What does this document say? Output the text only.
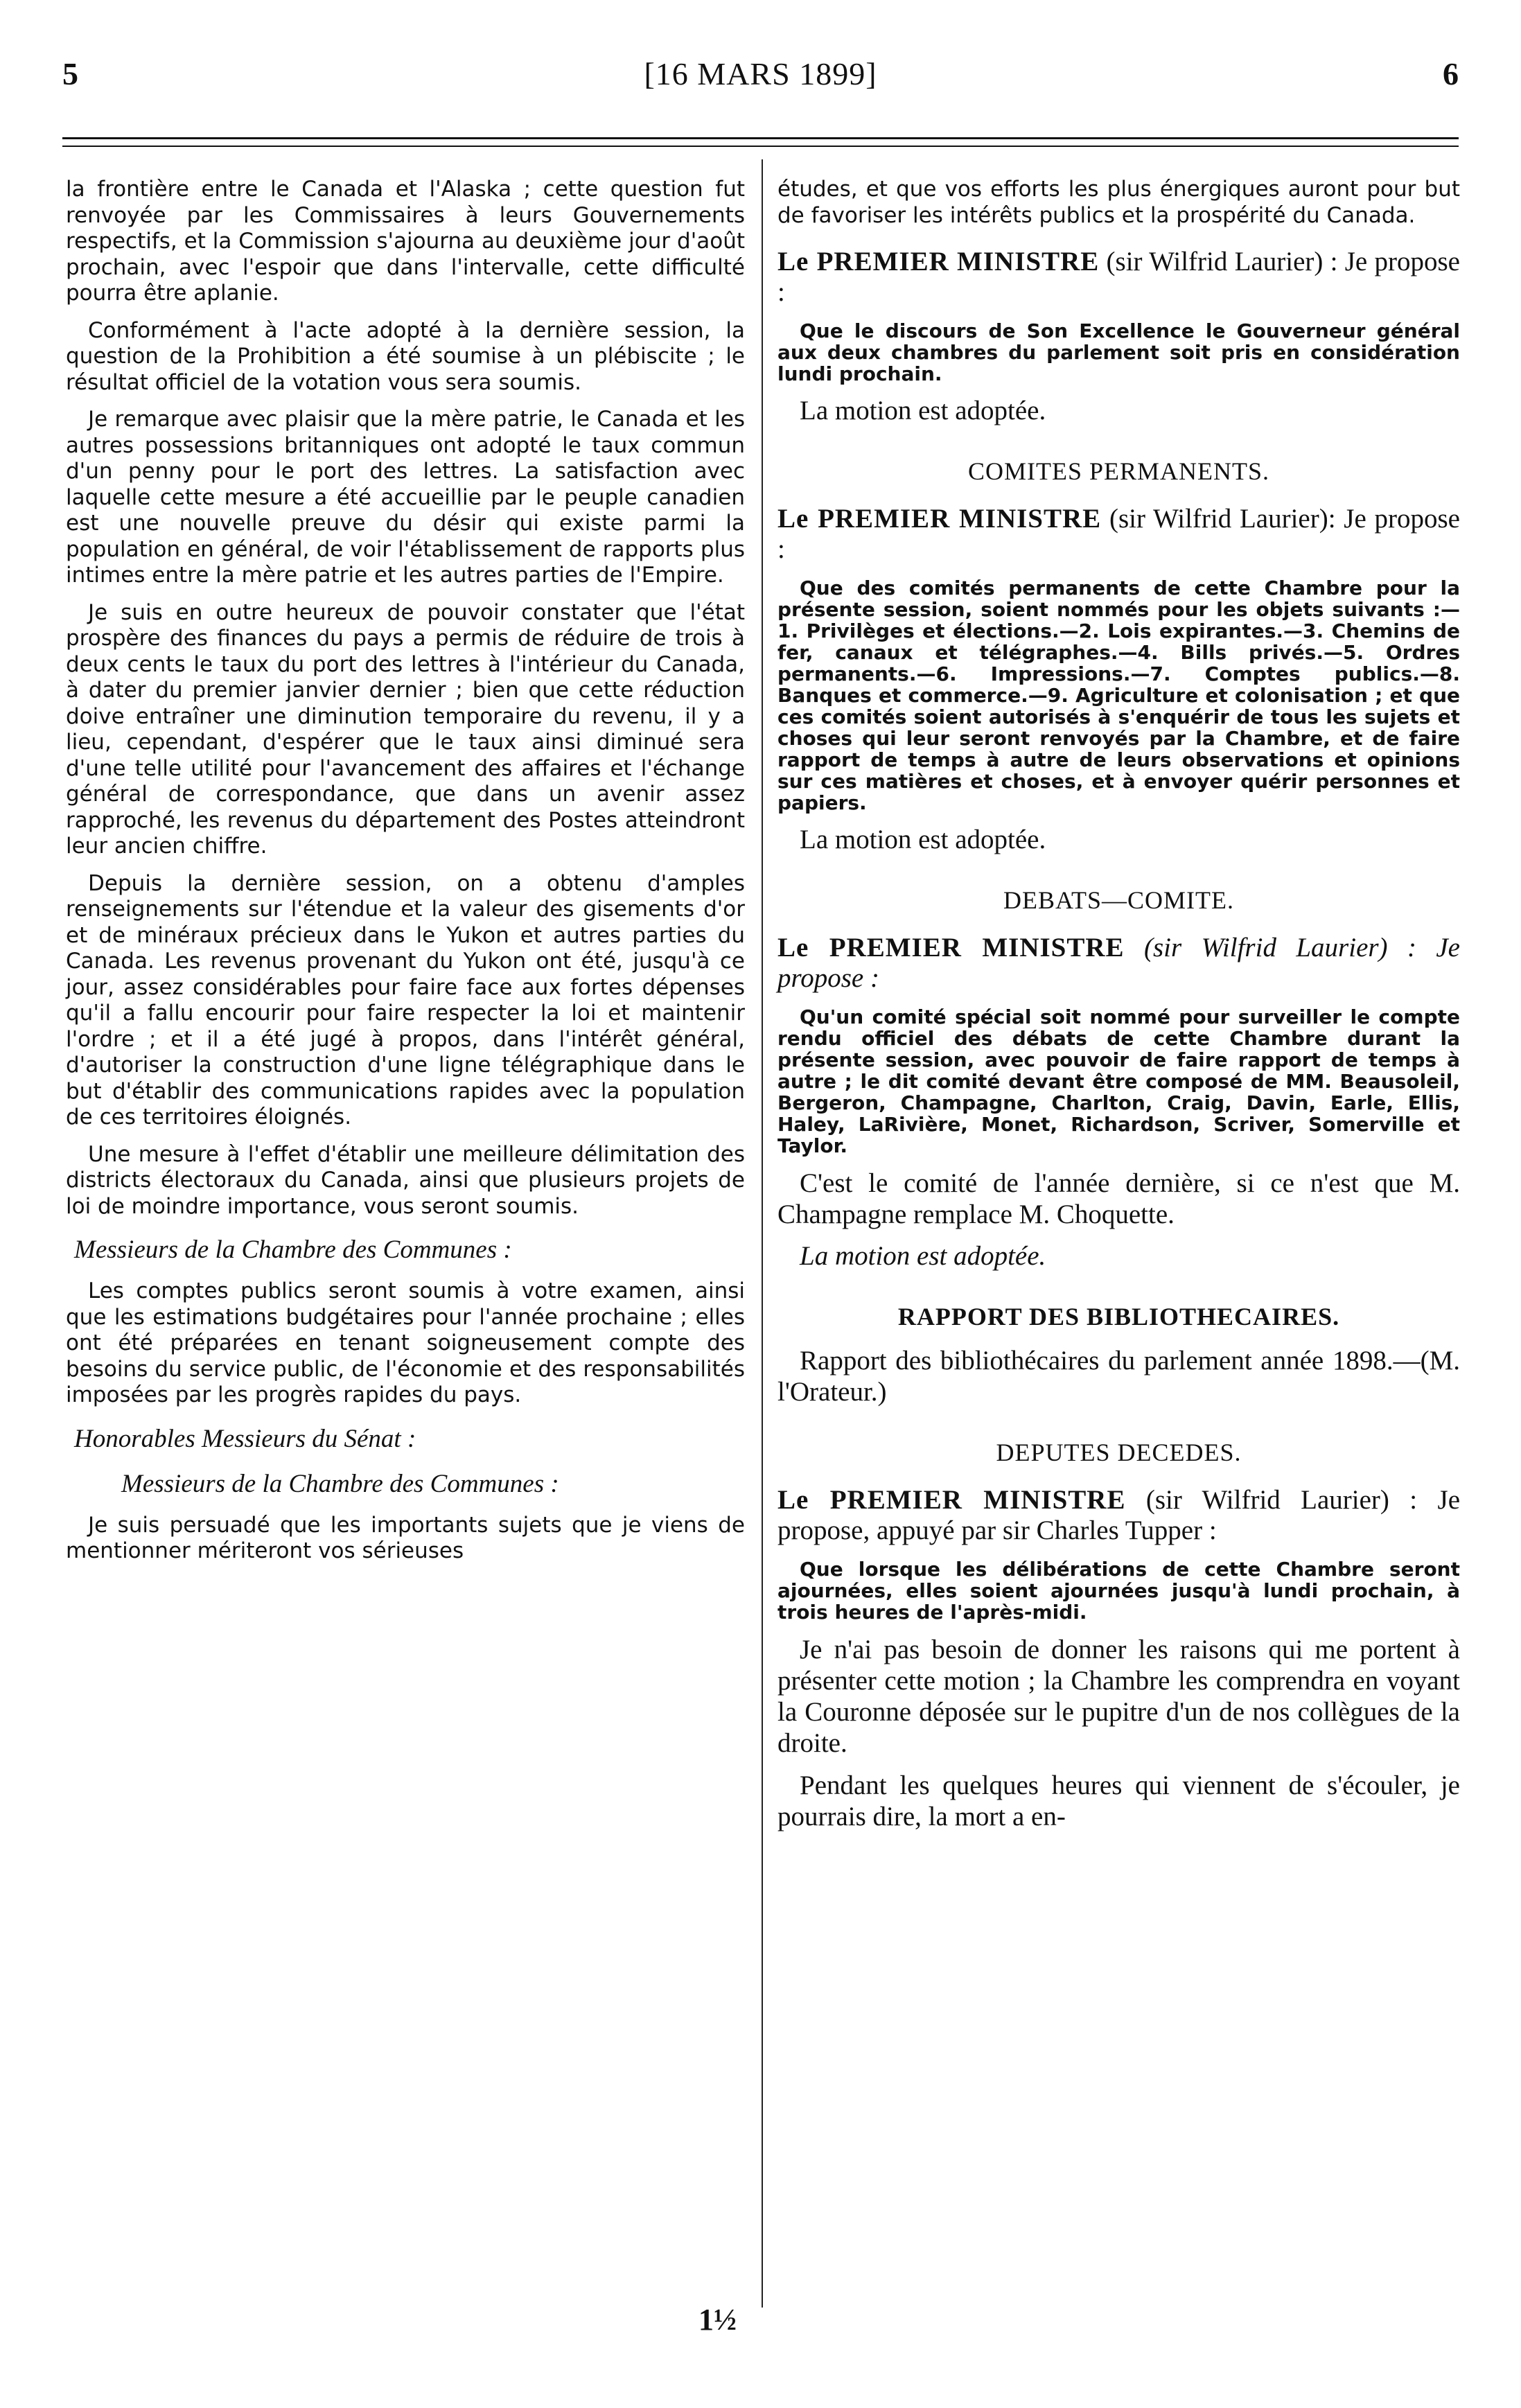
5	[16 MARS 1899]	6

la frontière entre le Canada et l'Alaska ; cette question fut renvoyée par les Commissaires à leurs Gouvernements respectifs, et la Commission s'ajourna au deuxième jour d'août prochain, avec l'espoir que dans l'intervalle, cette difficulté pourra être aplanie.

Conformément à l'acte adopté à la dernière session, la question de la Prohibition a été soumise à un plébiscite ; le résultat officiel de la votation vous sera soumis.

Je remarque avec plaisir que la mère patrie, le Canada et les autres possessions britanniques ont adopté le taux commun d'un penny pour le port des lettres. La satisfaction avec laquelle cette mesure a été accueillie par le peuple canadien est une nouvelle preuve du désir qui existe parmi la population en général, de voir l'établissement de rapports plus intimes entre la mère patrie et les autres parties de l'Empire.

Je suis en outre heureux de pouvoir constater que l'état prospère des finances du pays a permis de réduire de trois à deux cents le taux du port des lettres à l'intérieur du Canada, à dater du premier janvier dernier ; bien que cette réduction doive entraîner une diminution temporaire du revenu, il y a lieu, cependant, d'espérer que le taux ainsi diminué sera d'une telle utilité pour l'avancement des affaires et l'échange général de correspondance, que dans un avenir assez rapproché, les revenus du département des Postes atteindront leur ancien chiffre.

Depuis la dernière session, on a obtenu d'amples renseignements sur l'étendue et la valeur des gisements d'or et de minéraux précieux dans le Yukon et autres parties du Canada. Les revenus provenant du Yukon ont été, jusqu'à ce jour, assez considérables pour faire face aux fortes dépenses qu'il a fallu encourir pour faire respecter la loi et maintenir l'ordre ; et il a été jugé à propos, dans l'intérêt général, d'autoriser la construction d'une ligne télégraphique dans le but d'établir des communications rapides avec la population de ces territoires éloignés.

Une mesure à l'effet d'établir une meilleure délimitation des districts électoraux du Canada, ainsi que plusieurs projets de loi de moindre importance, vous seront soumis.

Messieurs de la Chambre des Communes :

Les comptes publics seront soumis à votre examen, ainsi que les estimations budgétaires pour l'année prochaine ; elles ont été préparées en tenant soigneusement compte des besoins du service public, de l'économie et des responsabilités imposées par les progrès rapides du pays.

Honorables Messieurs du Sénat :
Messieurs de la Chambre des Communes :

Je suis persuadé que les importants sujets que je viens de mentionner mériteront vos sérieuses

études, et que vos efforts les plus énergiques auront pour but de favoriser les intérêts publics et la prospérité du Canada.

Le PREMIER MINISTRE (sir Wilfrid Laurier) : Je propose :

Que le discours de Son Excellence le Gouverneur général aux deux chambres du parlement soit pris en considération lundi prochain.

La motion est adoptée.

COMITES PERMANENTS.
Le PREMIER MINISTRE (sir Wilfrid Laurier): Je propose :

Que des comités permanents de cette Chambre pour la présente session, soient nommés pour les objets suivants :—1. Privilèges et élections.—2. Lois expirantes.—3. Chemins de fer, canaux et télégraphes.—4. Bills privés.—5. Ordres permanents.—6. Impressions.—7. Comptes publics.—8. Banques et commerce.—9. Agriculture et colonisation ; et que ces comités soient autorisés à s'enquérir de tous les sujets et choses qui leur seront renvoyés par la Chambre, et de faire rapport de temps à autre de leurs observations et opinions sur ces matières et choses, et à envoyer quérir personnes et papiers.

La motion est adoptée.

DEBATS—COMITE.
Le PREMIER MINISTRE (sir Wilfrid Laurier) : Je propose :

Qu'un comité spécial soit nommé pour surveiller le compte rendu officiel des débats de cette Chambre durant la présente session, avec pouvoir de faire rapport de temps à autre ; le dit comité devant être composé de MM. Beausoleil, Bergeron, Champagne, Charlton, Craig, Davin, Earle, Ellis, Haley, LaRivière, Monet, Richardson, Scriver, Somerville et Taylor.

C'est le comité de l'année dernière, si ce n'est que M. Champagne remplace M. Choquette.

La motion est adoptée.

RAPPORT DES BIBLIOTHECAIRES.

Rapport des bibliothécaires du parlement année 1898.—(M. l'Orateur.)

DEPUTES DECEDES.
Le PREMIER MINISTRE (sir Wilfrid Laurier) : Je propose, appuyé par sir Charles Tupper :

Que lorsque les délibérations de cette Chambre seront ajournées, elles soient ajournées jusqu'à lundi prochain, à trois heures de l'après-midi.

Je n'ai pas besoin de donner les raisons qui me portent à présenter cette motion ; la Chambre les comprendra en voyant la Couronne déposée sur le pupitre d'un de nos collègues de la droite.

Pendant les quelques heures qui viennent de s'écouler, je pourrais dire, la mort a en-

1½
